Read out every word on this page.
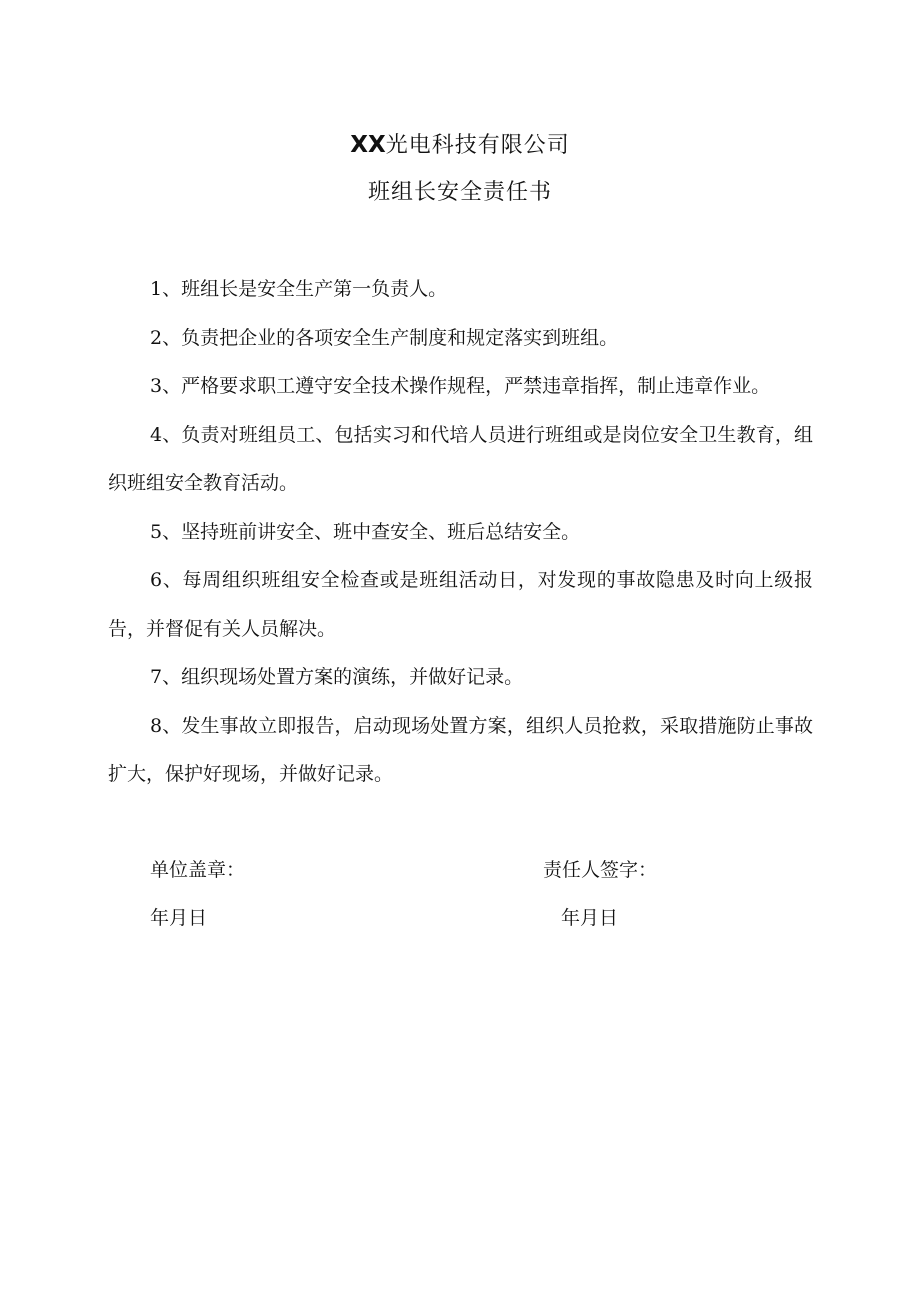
XX光电科技有限公司
班组长安全责任书

1、班组长是安全生产第一负责人。

2、负责把企业的各项安全生产制度和规定落实到班组。

3、严格要求职工遵守安全技术操作规程，严禁违章指挥，制止违章作业。

4、负责对班组员工、包括实习和代培人员进行班组或是岗位安全卫生教育，组织班组安全教育活动。

5、坚持班前讲安全、班中查安全、班后总结安全。

6、每周组织班组安全检查或是班组活动日，对发现的事故隐患及时向上级报告，并督促有关人员解决。

7、组织现场处置方案的演练，并做好记录。

8、发生事故立即报告，启动现场处置方案，组织人员抢救，采取措施防止事故扩大，保护好现场，并做好记录。

单位盖章：	责任人签字：
年月日	年月日
